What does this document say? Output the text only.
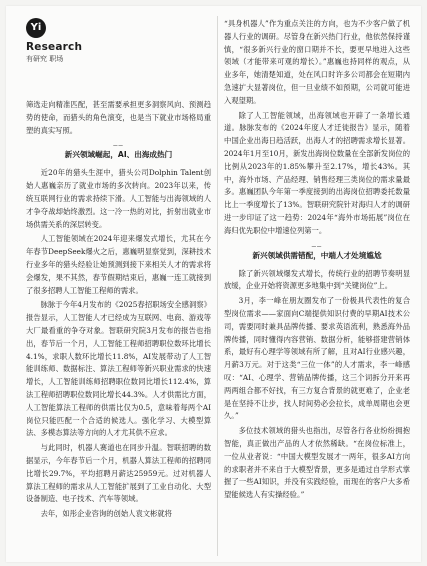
Yi
Research
有研究 职场

筛选走向精准匹配，甚至需要承担更多洞察风向、预测趋势的使命，而猎头的角色演变，也是当下就业市场格局重塑的真实写照。

——
新兴领域崛起，AI、出海成热门

近20年的猎头生涯中，猎头公司Dolphin Talent创始人惠巍亲历了就业市场的多次转向。2023年以来，传统互联网行业的需求持续下滑。人工智能与出海领域的人才争夺战却始终激烈。这一冷一热的对比，折射出就业市场供需关系的深层转变。

人工智能领域在2024年迎来爆发式增长，尤其在今年春节DeepSeek爆火之后，惠巍明显察觉到，深耕技术行业多年的猎头经验让她预测到接下来相关人才的需求将会爆发，果不其然，春节假期结束后，惠巍一连工就接到了很多招聘人工智能工程师的需求。

脉脉于今年4月发布的《2025春招职场安全感洞察》报告显示，人工智能人才已经成为互联网、电商、游戏等大厂最看重的争夺对象。智联研究院3月发布的报告也指出，春节后一个月，人工智能工程师招聘职位数环比增长4.1%，求职人数环比增长11.8%，AI发展带动了人工智能训练师、数据标注、算法工程师等新兴职业需求的快速增长，人工智能训练师招聘职位数同比增长112.4%，算法工程师招聘职位数同比增长44.3%。人才供需比方面，人工智能算法工程师的供需比仅为0.5，意味着每两个AI岗位只能匹配一个合适的候选人。强化学习、大模型算法、多模态算法等方向的人才尤其供不应求。

与此同时，机器人赛道也在同步升温。智联招聘的数据显示，今年春节后一个月，机器人算法工程师的招聘同比增长29.7%，平均招聘月薪达25959元。过对机器人算法工程师的需求从人工智能扩展到了工业自动化、大型设备制造、电子技术、汽车等领域。

去年，如彤企业咨询的创始人袁文彬就将

“具身机器人”作为重点关注的方向，也为不少客户做了机器人行业的调研。尽管身在新兴热门行业，他依然保持谨慎，“很多新兴行业的窗口期并不长，要更早地进入这些领域（才能带来可观的增长）。”惠巍也持同样的观点，从业多年，她清楚知道，处在风口时许多公司都会在短期内急速扩大显著岗位，但一旦业绩不如预期，公司就可能进入观望期。

除了人工智能领域，出海领域也开辟了一条增长通道。脉脉发布的《2024年度人才迁徙报告》显示，随着中国企业出海日趋活跃，出海人才的招聘需求增长显著。2024年1月至10月，新发出海岗位数量在全部新发岗位的比例从2023年的1.85%攀升至2.17%，增长43%。其中，海外市场、产品经理、销售经理三类岗位的需求量最多。惠巍团队今年第一季度接到的出海岗位招聘委托数量比上一季度增长了13%。智联研究院针对海归人才的调研进一步印证了这一趋势：2024年“海外市场拓展”岗位在海归优先职位中增速位列第一。

——
新兴领域供需错配，中端人才处境尴尬

除了新兴领域爆发式增长，传统行业的招聘节奏明显放缓，企业开始将资源更多地集中到“关键岗位”上。

3月，李一峰在朋友圈发布了一份极具代表性的复合型岗位需求——家面向C端提供知识付费的早期AI技术公司，需要同时兼具品牌传播、要求英语流利，熟悉海外品牌传播，同时懂得内容营销、数据分析，能够搭建营销体系，最好有心理学等领域有所了解，且对AI行业感兴趣，月薪3万元。对于这类“三位一体”的人才需求，李一峰感叹：“AI、心理学、营销品牌传播，这三个词拆分开来再两两组合都不好找，有三方复合背景的就更难了，企业老是在坚持不让步，找人时间势必会拉长，成单周期也会更久。”

多位技术领域的猎头也指出，尽管各行各业纷纷拥抱智能，真正做出产品的人才依然稀缺。“在岗位标准上，一位从业者说：“中国大模型发展才一两年，很多AI方向的求职者并不来自于大模型背景，更多是通过自学形式掌握了一些AI知识，并没有实践经验，而现在的客户大多希望能候选人有实操经验。”
